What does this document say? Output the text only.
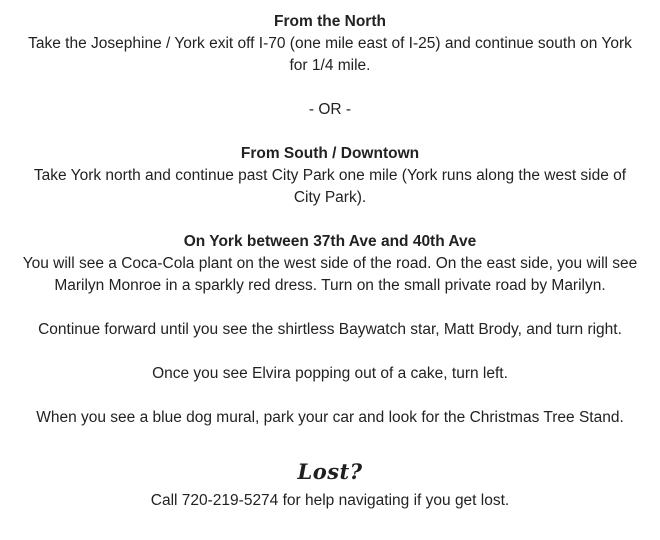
From the North
Take the Josephine / York exit off I-70 (one mile east of I-25) and continue south on York for 1/4 mile.
- OR -
From South / Downtown
Take York north and continue past City Park one mile (York runs along the west side of City Park).
On York between 37th Ave and 40th Ave
You will see a Coca-Cola plant on the west side of the road. On the east side, you will see Marilyn Monroe in a sparkly red dress. Turn on the small private road by Marilyn.
Continue forward until you see the shirtless Baywatch star, Matt Brody, and turn right.
Once you see Elvira popping out of a cake, turn left.
When you see a blue dog mural, park your car and look for the Christmas Tree Stand.
Lost?
Call 720-219-5274 for help navigating if you get lost.
